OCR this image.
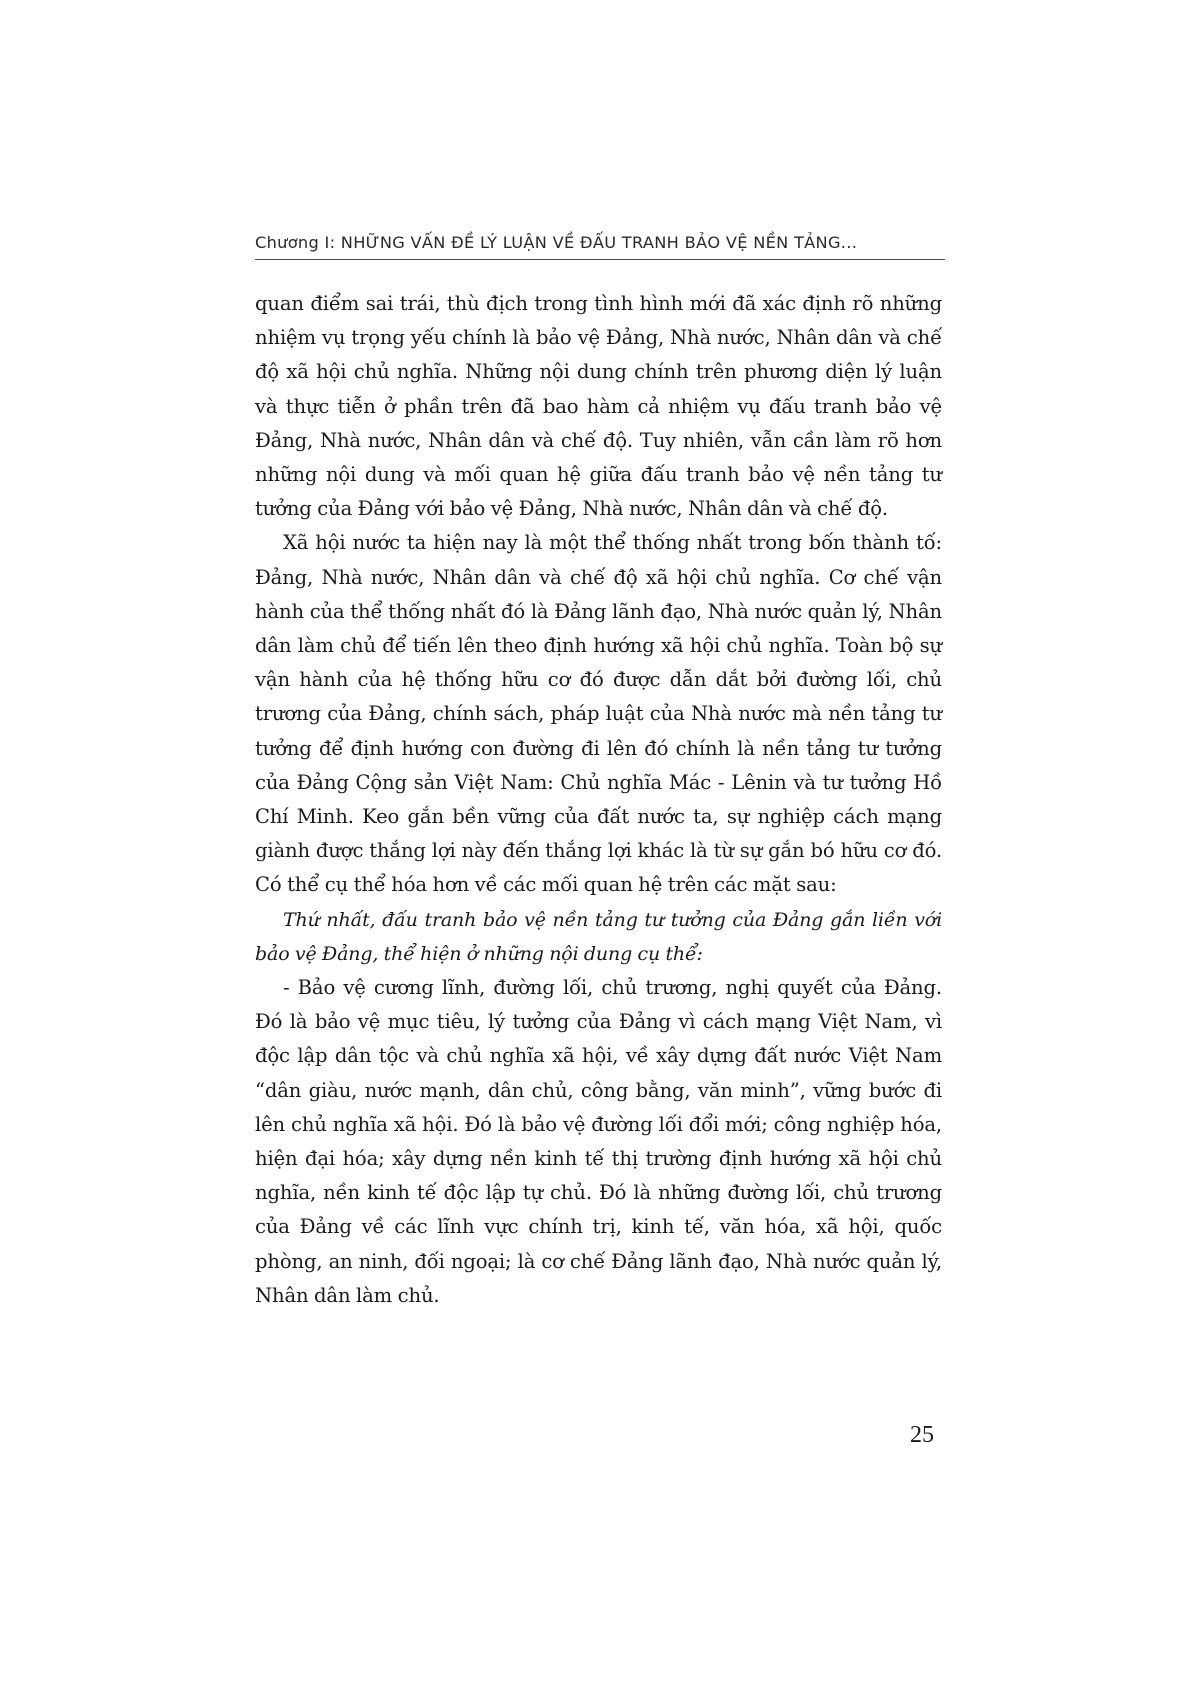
Chương I: NHỮNG VẤN ĐỀ LÝ LUẬN VỀ ĐẤU TRANH BẢO VỆ NỀN TẢNG...

quan điểm sai trái, thù địch trong tình hình mới đã xác định rõ những nhiệm vụ trọng yếu chính là bảo vệ Đảng, Nhà nước, Nhân dân và chế độ xã hội chủ nghĩa. Những nội dung chính trên phương diện lý luận và thực tiễn ở phần trên đã bao hàm cả nhiệm vụ đấu tranh bảo vệ Đảng, Nhà nước, Nhân dân và chế độ. Tuy nhiên, vẫn cần làm rõ hơn những nội dung và mối quan hệ giữa đấu tranh bảo vệ nền tảng tư tưởng của Đảng với bảo vệ Đảng, Nhà nước, Nhân dân và chế độ.

Xã hội nước ta hiện nay là một thể thống nhất trong bốn thành tố: Đảng, Nhà nước, Nhân dân và chế độ xã hội chủ nghĩa. Cơ chế vận hành của thể thống nhất đó là Đảng lãnh đạo, Nhà nước quản lý, Nhân dân làm chủ để tiến lên theo định hướng xã hội chủ nghĩa. Toàn bộ sự vận hành của hệ thống hữu cơ đó được dẫn dắt bởi đường lối, chủ trương của Đảng, chính sách, pháp luật của Nhà nước mà nền tảng tư tưởng để định hướng con đường đi lên đó chính là nền tảng tư tưởng của Đảng Cộng sản Việt Nam: Chủ nghĩa Mác - Lênin và tư tưởng Hồ Chí Minh. Keo gắn bền vững của đất nước ta, sự nghiệp cách mạng giành được thắng lợi này đến thắng lợi khác là từ sự gắn bó hữu cơ đó. Có thể cụ thể hóa hơn về các mối quan hệ trên các mặt sau:

Thứ nhất, đấu tranh bảo vệ nền tảng tư tưởng của Đảng gắn liền với bảo vệ Đảng, thể hiện ở những nội dung cụ thể:

- Bảo vệ cương lĩnh, đường lối, chủ trương, nghị quyết của Đảng. Đó là bảo vệ mục tiêu, lý tưởng của Đảng vì cách mạng Việt Nam, vì độc lập dân tộc và chủ nghĩa xã hội, về xây dựng đất nước Việt Nam “dân giàu, nước mạnh, dân chủ, công bằng, văn minh”, vững bước đi lên chủ nghĩa xã hội. Đó là bảo vệ đường lối đổi mới; công nghiệp hóa, hiện đại hóa; xây dựng nền kinh tế thị trường định hướng xã hội chủ nghĩa, nền kinh tế độc lập tự chủ. Đó là những đường lối, chủ trương của Đảng về các lĩnh vực chính trị, kinh tế, văn hóa, xã hội, quốc phòng, an ninh, đối ngoại; là cơ chế Đảng lãnh đạo, Nhà nước quản lý, Nhân dân làm chủ.

25
